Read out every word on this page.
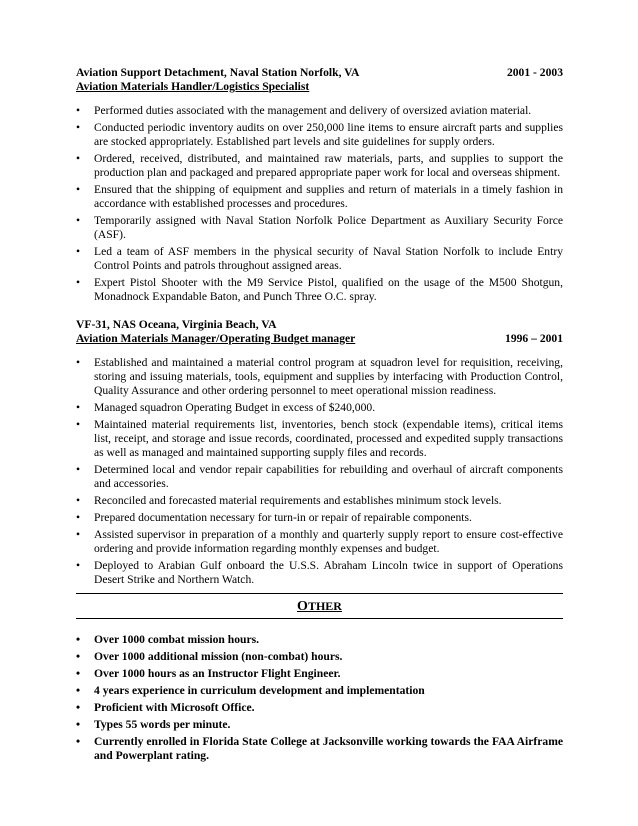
Aviation Support Detachment, Naval Station Norfolk, VA	2001 - 2003
Aviation Materials Handler/Logistics Specialist
• Performed duties associated with the management and delivery of oversized aviation material.
• Conducted periodic inventory audits on over 250,000 line items to ensure aircraft parts and supplies are stocked appropriately. Established part levels and site guidelines for supply orders.
• Ordered, received, distributed, and maintained raw materials, parts, and supplies to support the production plan and packaged and prepared appropriate paper work for local and overseas shipment.
• Ensured that the shipping of equipment and supplies and return of materials in a timely fashion in accordance with established processes and procedures.
• Temporarily assigned with Naval Station Norfolk Police Department as Auxiliary Security Force (ASF).
• Led a team of ASF members in the physical security of Naval Station Norfolk to include Entry Control Points and patrols throughout assigned areas.
• Expert Pistol Shooter with the M9 Service Pistol, qualified on the usage of the M500 Shotgun, Monadnock Expandable Baton, and Punch Three O.C. spray.
VF-31, NAS Oceana, Virginia Beach, VA
Aviation Materials Manager/Operating Budget manager	1996 – 2001
• Established and maintained a material control program at squadron level for requisition, receiving, storing and issuing materials, tools, equipment and supplies by interfacing with Production Control, Quality Assurance and other ordering personnel to meet operational mission readiness.
• Managed squadron Operating Budget in excess of $240,000.
• Maintained material requirements list, inventories, bench stock (expendable items), critical items list, receipt, and storage and issue records, coordinated, processed and expedited supply transactions as well as managed and maintained supporting supply files and records.
• Determined local and vendor repair capabilities for rebuilding and overhaul of aircraft components and accessories.
• Reconciled and forecasted material requirements and establishes minimum stock levels.
• Prepared documentation necessary for turn-in or repair of repairable components.
• Assisted supervisor in preparation of a monthly and quarterly supply report to ensure cost-effective ordering and provide information regarding monthly expenses and budget.
• Deployed to Arabian Gulf onboard the U.S.S. Abraham Lincoln twice in support of Operations Desert Strike and Northern Watch.
OTHER
• Over 1000 combat mission hours.
• Over 1000 additional mission (non-combat) hours.
• Over 1000 hours as an Instructor Flight Engineer.
• 4 years experience in curriculum development and implementation
• Proficient with Microsoft Office.
• Types 55 words per minute.
• Currently enrolled in Florida State College at Jacksonville working towards the FAA Airframe and Powerplant rating.
